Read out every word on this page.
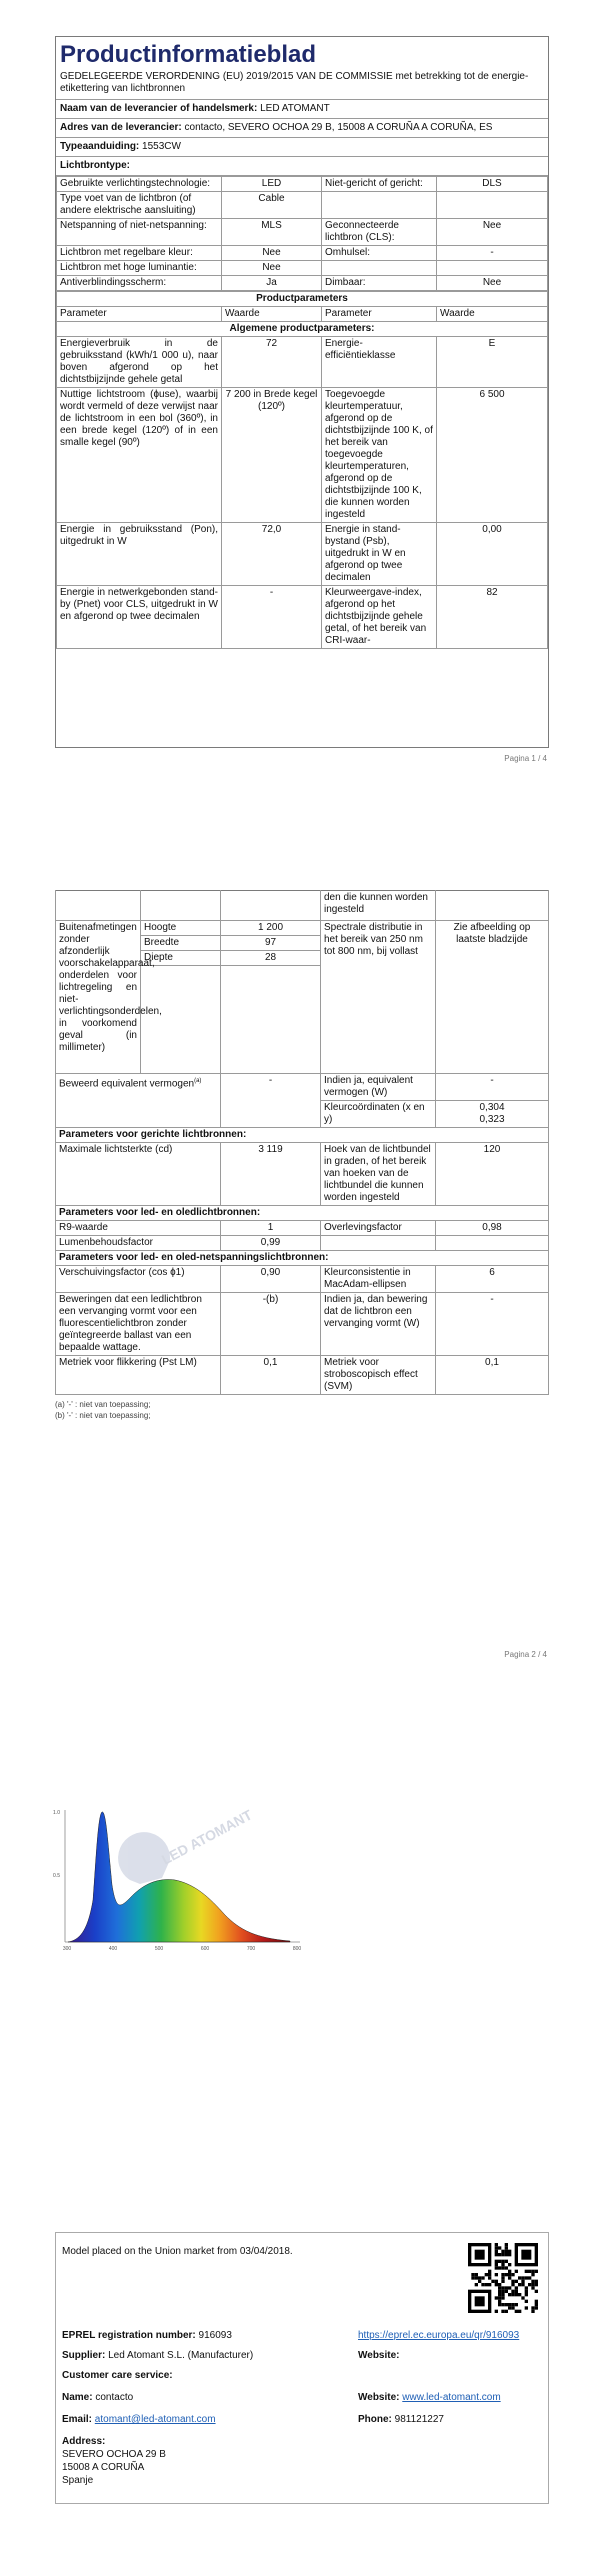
Productinformatieblad
GEDELEGEERDE VERORDENING (EU) 2019/2015 VAN DE COMMISSIE met betrekking tot de energie-etikettering van lichtbronnen
Naam van de leverancier of handelsmerk: LED ATOMANT
Adres van de leverancier: contacto, SEVERO OCHOA 29 B, 15008 A CORUÑA A CORUÑA, ES
Typeaanduiding: 1553CW
Lichtbrontype:
Gebruikte verlichtingstechnologie:	LED	Niet-gericht of gericht:	DLS
Type voet van de lichtbron (of andere elektrische aansluiting)	Cable		
Netspanning of niet-netspanning:	MLS	Geconnecteerde lichtbron (CLS):	Nee
Lichtbron met regelbare kleur:	Nee	Omhulsel:	-
Lichtbron met hoge luminantie:	Nee		
Antiverblindingsscherm:	Ja	Dimbaar:	Nee
Productparameters			
Parameter	Waarde	Parameter	Waarde
Algemene productparameters:			
Energieverbruik in de gebruiksstand (kWh/1 000 u), naar boven afgerond op het dichtstbijzijnde gehele getal	72	Energie-efficiëntieklasse	E
Nuttige lichtstroom (ɸuse), waarbij wordt vermeld of deze verwijst naar de lichtstroom in een bol (360º), in een brede kegel (120º) of in een smalle kegel (90º)	7 200 in Brede kegel (120º)	Toegevoegde kleurtemperatuur, afgerond op de dichtstbijzijnde 100 K, of het bereik van toegevoegde kleurtemperaturen, afgerond op de dichtstbijzijnde 100 K, die kunnen worden ingesteld	6 500
Energie in gebruiksstand (Pon), uitgedrukt in W	72,0	Energie in stand-bystand (Psb), uitgedrukt in W en afgerond op twee decimalen	0,00
Energie in netwerkgebonden stand-by (Pnet) voor CLS, uitgedrukt in W en afgerond op twee decimalen	-	Kleurweergave-index, afgerond op het dichtstbijzijnde gehele getal, of het bereik van CRI-waar-	82
Pagina 1 / 4
			den die kunnen worden ingesteld	
Buitenafmetingen zonder afzonderlijk voorschakelapparaat, onderdelen voor lichtregeling en niet-verlichtingsonderdelen, in voorkomend geval (in millimeter)	Hoogte	1 200	Spectrale distributie in het bereik van 250 nm tot 800 nm, bij vollast	Zie afbeelding op laatste bladzijde
	Breedte	97		
	Diepte	28		

Beweerd equivalent vermogen$^{(a)}$		-	Indien ja, equivalent vermogen (W)	-
			Kleurcoördinaten (x en y)	0,304
0,323
Parameters voor gerichte lichtbronnen:				
Maximale lichtsterkte (cd)		3 119	Hoek van de lichtbundel in graden, of het bereik van hoeken van de lichtbundel die kunnen worden ingesteld	120
Parameters voor led- en oledlichtbronnen:				
R9-waarde		1	Overlevingsfactor	0,98
Lumenbehoudsfactor		0,99		
Parameters voor led- en oled-netspanningslichtbronnen:				
Verschuivingsfactor (cos ɸ1)		0,90	Kleurconsistentie in MacAdam-ellipsen	6
Beweringen dat een ledlichtbron een vervanging vormt voor een fluorescentielichtbron zonder geïntegreerde ballast van een bepaalde wattage.		-(b)	Indien ja, dan bewering dat de lichtbron een vervanging vormt (W)	-
Metriek voor flikkering (Pst LM)		0,1	Metriek voor stroboscopisch effect (SVM)	0,1
(a) '-' : niet van toepassing;
(b) '-' : niet van toepassing;
Pagina 2 / 4
1.0
0.5
300	400	500	600	700	800
LED ATOMANT
Model placed on the Union market from 03/04/2018.
EPREL registration number: 916093	https://eprel.ec.europa.eu/qr/916093
Supplier: Led Atomant S.L. (Manufacturer)	Website:
Customer care service:
Name: contacto	Website: www.led-atomant.com
Email: atomant@led-atomant.com	Phone: 981121227
Address:
SEVERO OCHOA 29 B
15008 A CORUÑA
Spanje
